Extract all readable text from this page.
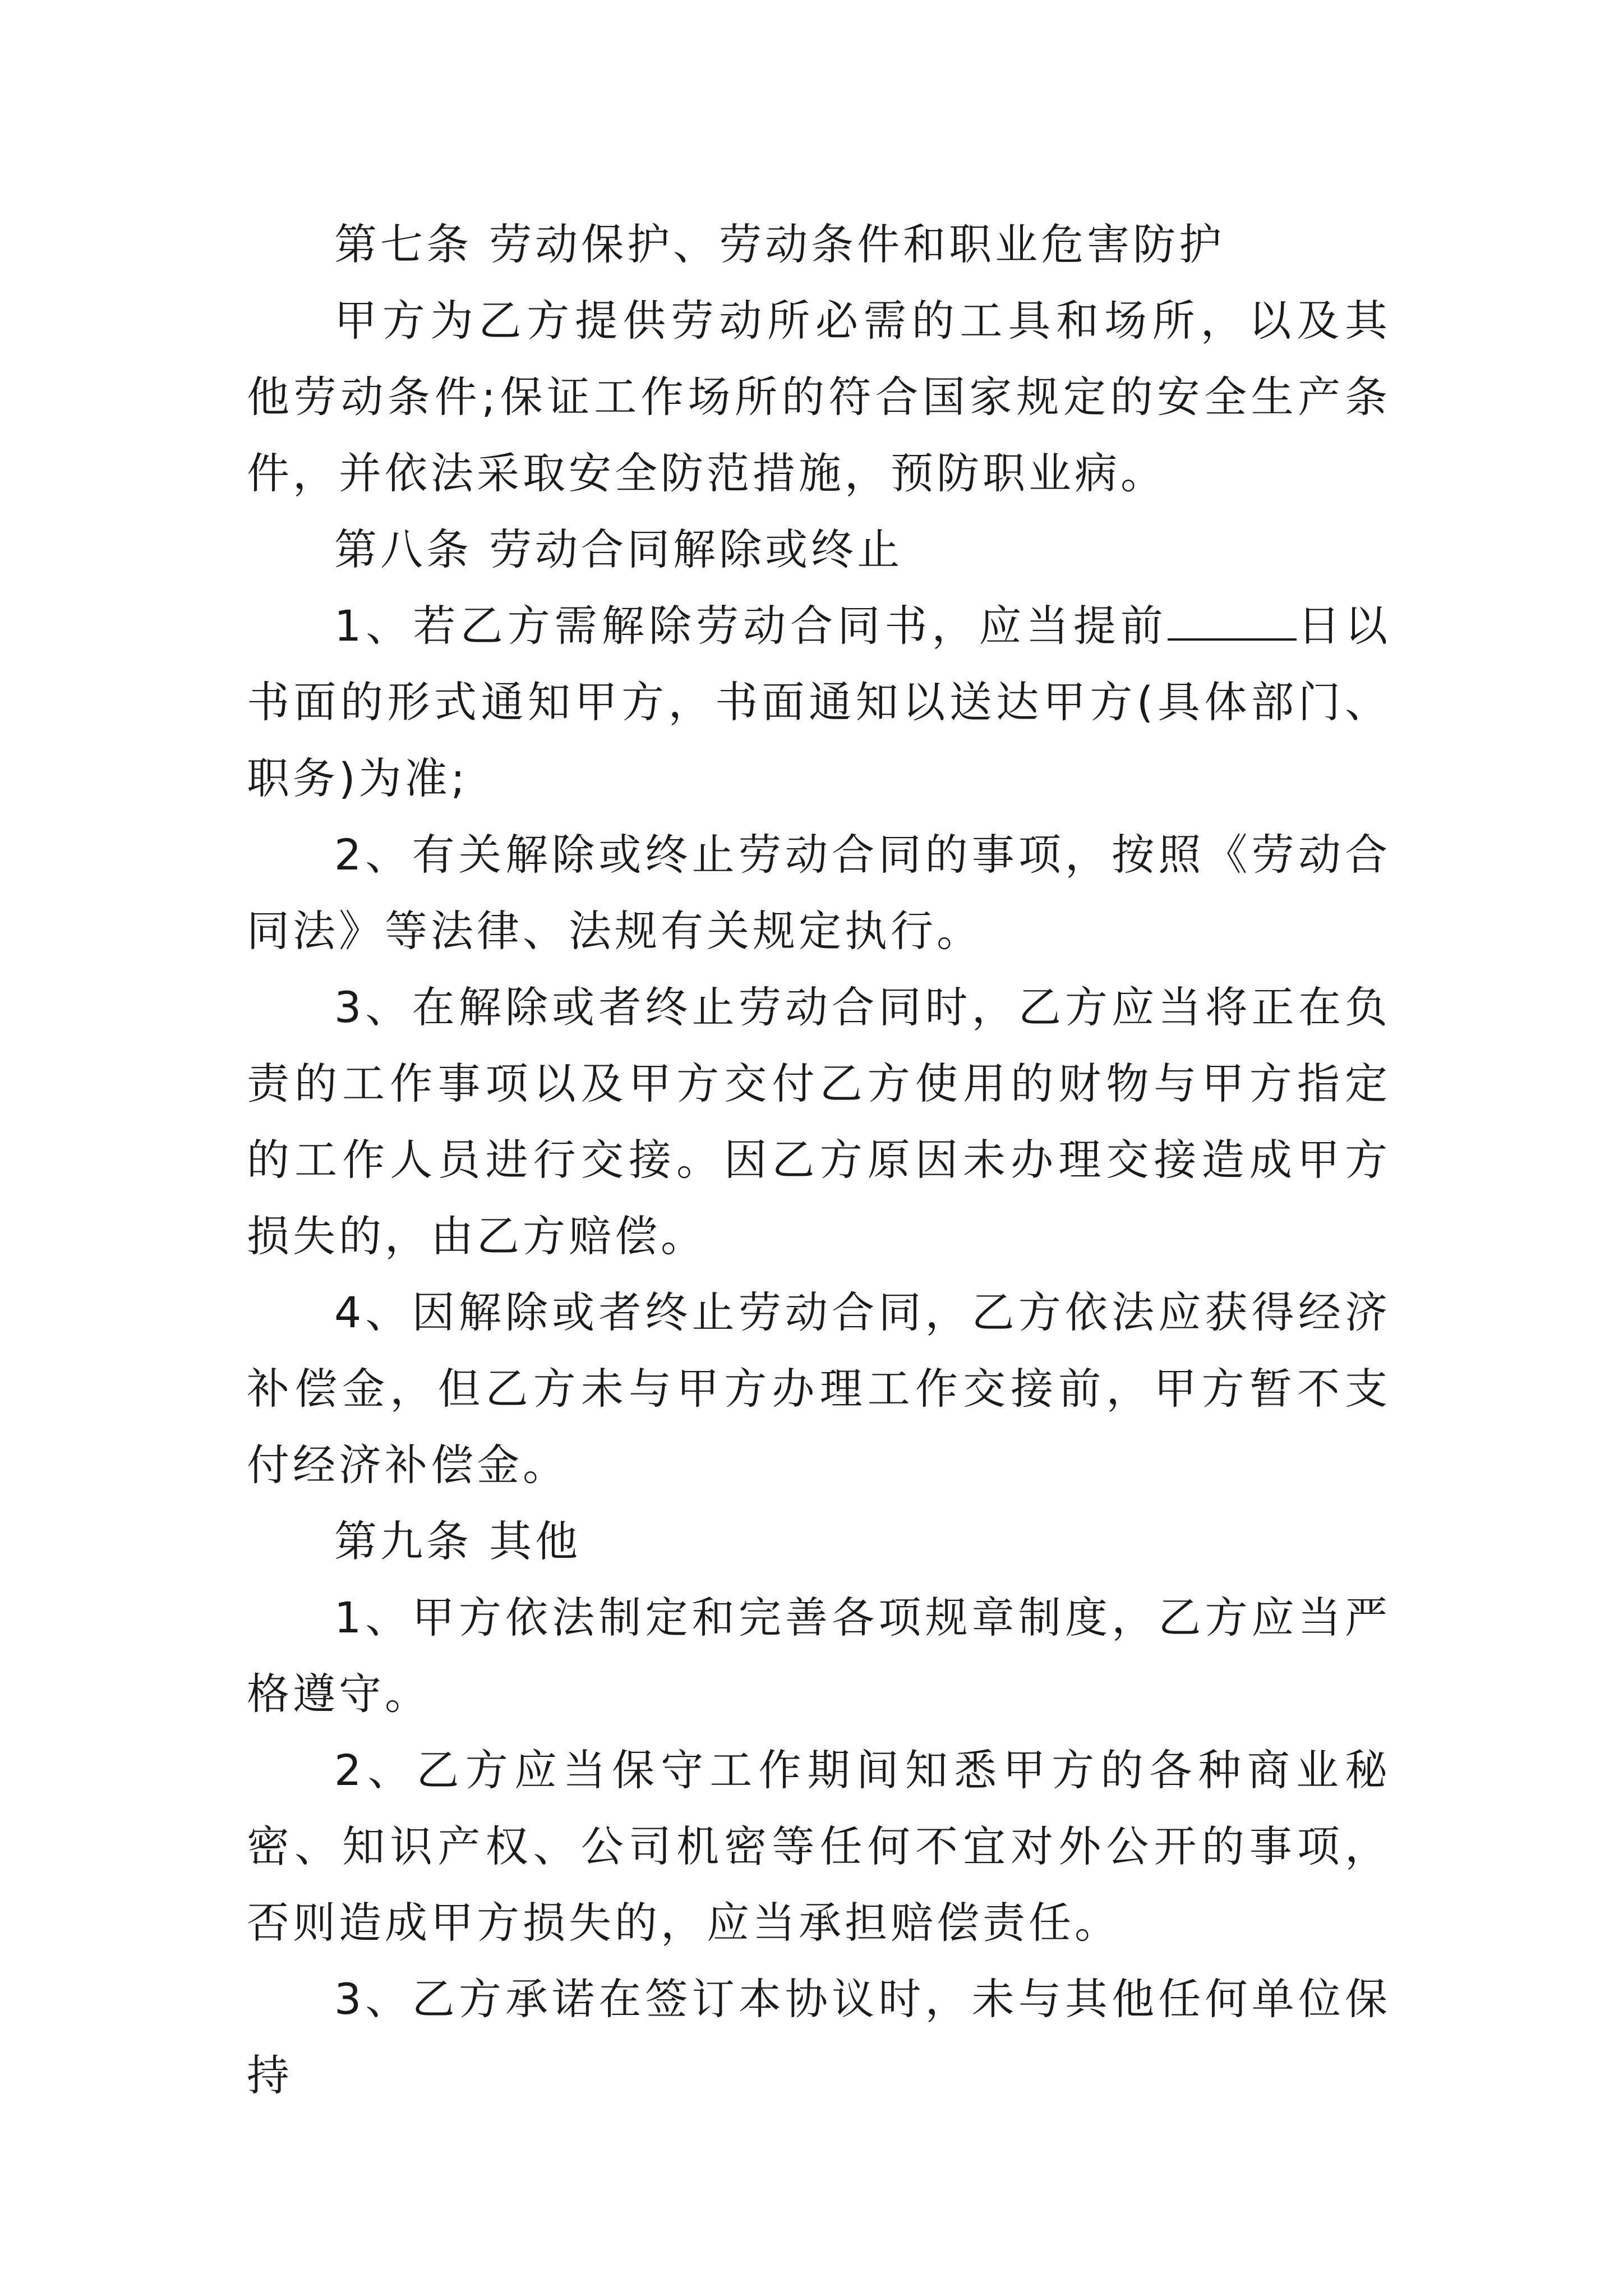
第七条 劳动保护、劳动条件和职业危害防护

甲方为乙方提供劳动所必需的工具和场所，以及其他劳动条件;保证工作场所的符合国家规定的安全生产条件，并依法采取安全防范措施，预防职业病。

第八条 劳动合同解除或终止

1、若乙方需解除劳动合同书，应当提前	日以书面的形式通知甲方，书面通知以送达甲方(具体部门、职务)为准;

2、有关解除或终止劳动合同的事项，按照《劳动合同法》等法律、法规有关规定执行。

3、在解除或者终止劳动合同时，乙方应当将正在负责的工作事项以及甲方交付乙方使用的财物与甲方指定的工作人员进行交接。因乙方原因未办理交接造成甲方损失的，由乙方赔偿。

4、因解除或者终止劳动合同，乙方依法应获得经济补偿金，但乙方未与甲方办理工作交接前，甲方暂不支付经济补偿金。

第九条 其他

1、甲方依法制定和完善各项规章制度，乙方应当严格遵守。

2、乙方应当保守工作期间知悉甲方的各种商业秘密、知识产权、公司机密等任何不宜对外公开的事项，否则造成甲方损失的，应当承担赔偿责任。

3、乙方承诺在签订本协议时，未与其他任何单位保持
